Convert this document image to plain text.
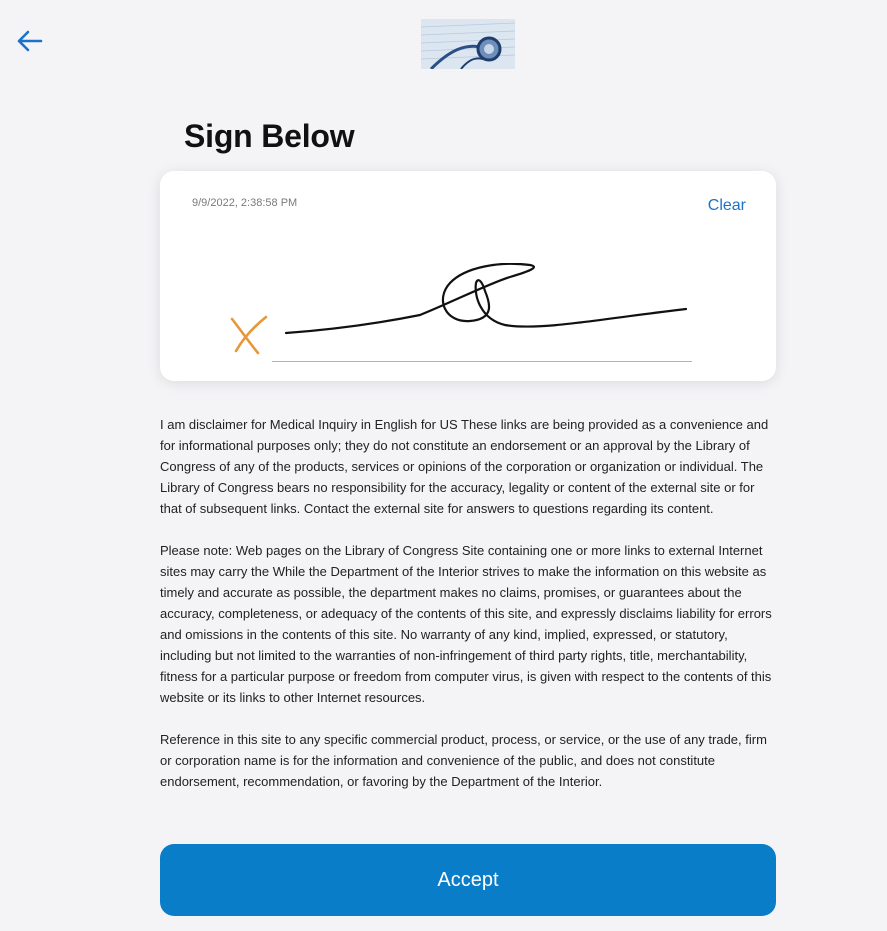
Sign Below
9/9/2022, 2:38:58 PM	Clear

I am disclaimer for Medical Inquiry in English for US These links are being provided as a convenience and for informational purposes only; they do not constitute an endorsement or an approval by the Library of Congress of any of the products, services or opinions of the corporation or organization or individual. The Library of Congress bears no responsibility for the accuracy, legality or content of the external site or for that of subsequent links. Contact the external site for answers to questions regarding its content.

Please note: Web pages on the Library of Congress Site containing one or more links to external Internet sites may carry the While the Department of the Interior strives to make the information on this website as timely and accurate as possible, the department makes no claims, promises, or guarantees about the accuracy, completeness, or adequacy of the contents of this site, and expressly disclaims liability for errors and omissions in the contents of this site. No warranty of any kind, implied, expressed, or statutory, including but not limited to the warranties of non-infringement of third party rights, title, merchantability, fitness for a particular purpose or freedom from computer virus, is given with respect to the contents of this website or its links to other Internet resources.

Reference in this site to any specific commercial product, process, or service, or the use of any trade, firm or corporation name is for the information and convenience of the public, and does not constitute endorsement, recommendation, or favoring by the Department of the Interior.

Accept
